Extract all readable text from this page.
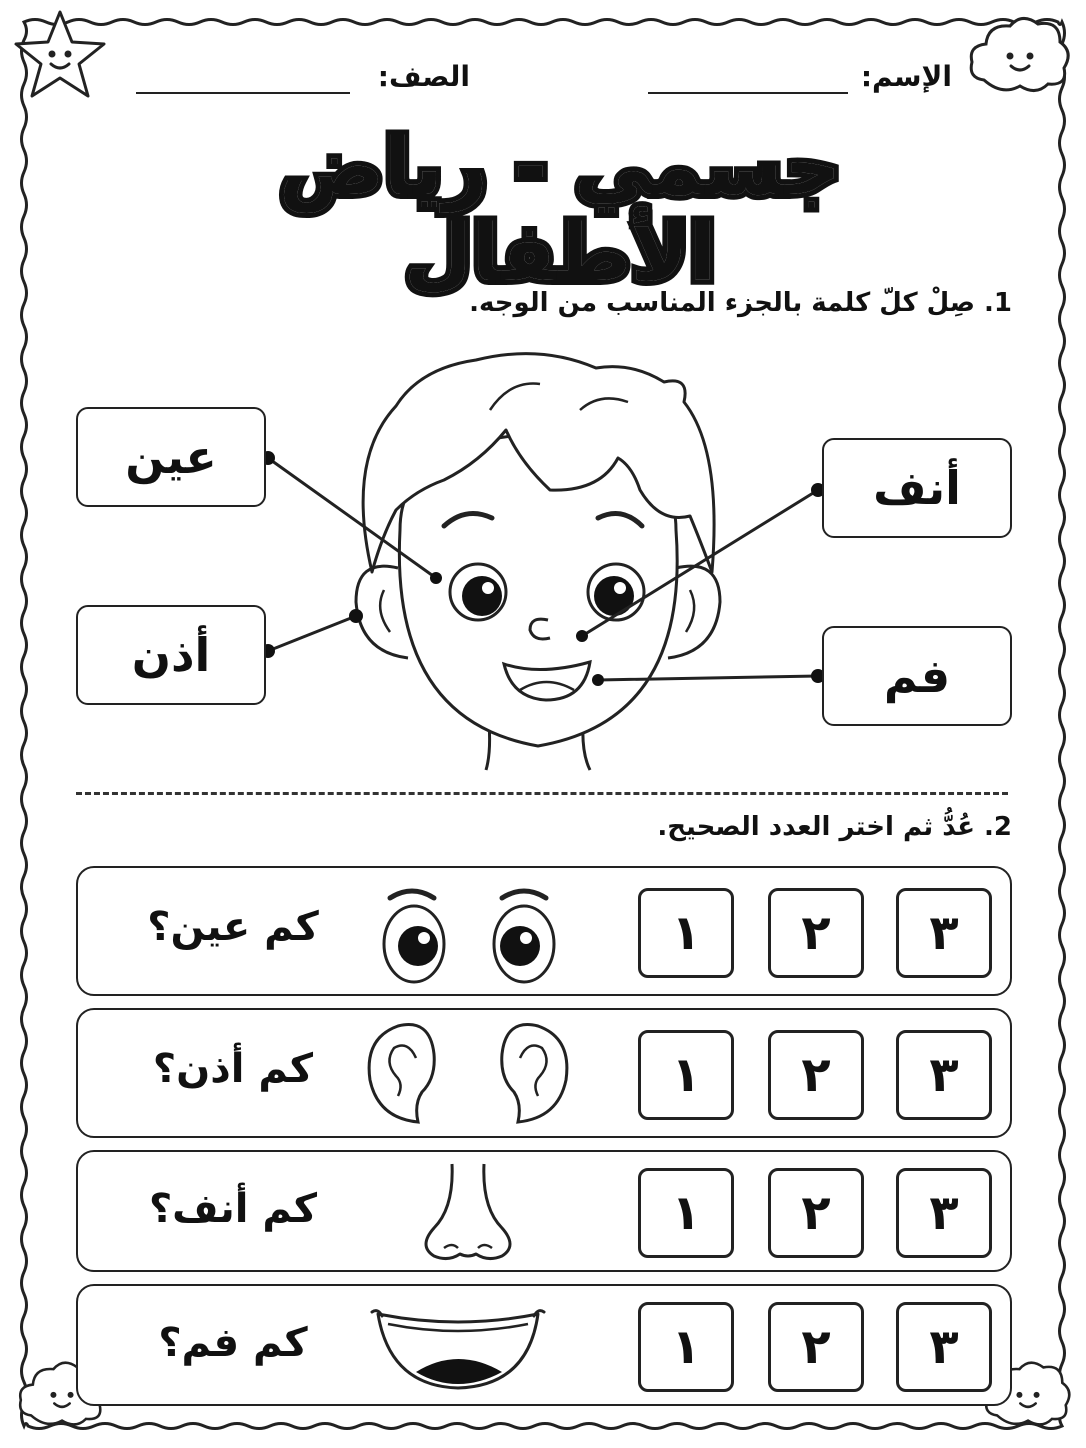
الإسم:
الصف:
جسمي - رياض الأطفال
1. صِلْ كلّ كلمة بالجزء المناسب من الوجه.
عين
أذن
أنف
فم
2. عُدُّ ثم اختر العدد الصحيح.
كم عين؟	١	٢	٣
كم أذن؟	١	٢	٣
كم أنف؟	١	٢	٣
كم فم؟	١	٢	٣
